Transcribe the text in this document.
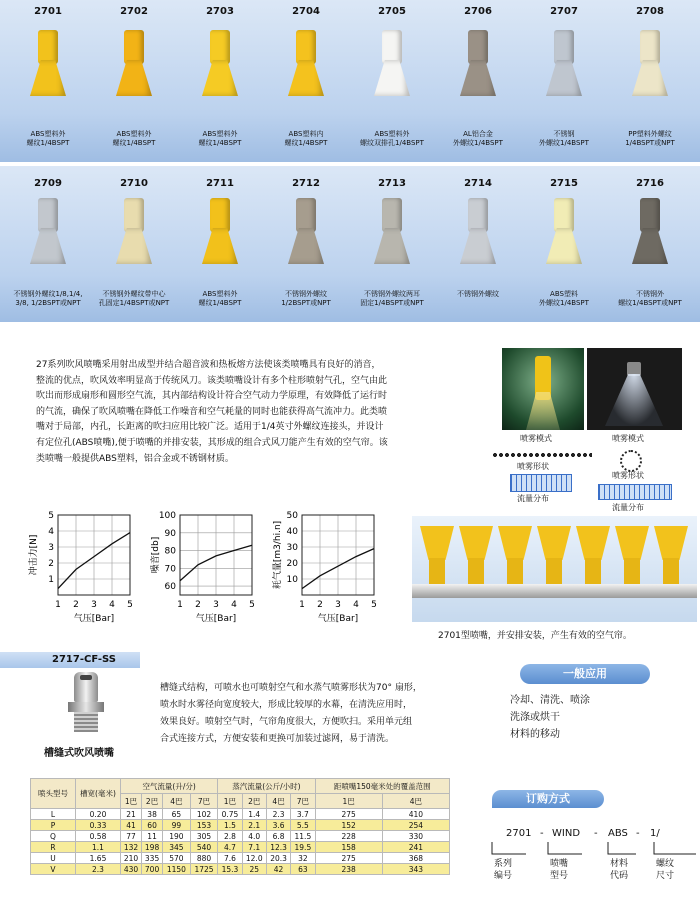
2701
ABS塑料外
螺纹1/4BSPT
2702
ABS塑料外
螺纹1/4BSPT
2703
ABS塑料外
螺纹1/4BSPT
2704
ABS塑料内
螺纹1/4BSPT
2705
ABS塑料外
螺纹双排孔1/4BSPT
2706
AL铝合金
外螺纹1/4BSPT
2707
不锈钢
外螺纹1/4BSPT
2708
PP塑料外螺纹
1/4BSPT或NPT
2709
不锈钢外螺纹1/8,1/4,
3/8, 1/2BSPT或NPT
2710
不锈钢外螺纹带中心
孔固定1/4BSPT或NPT
2711
ABS塑料外
螺纹1/4BSPT
2712
不锈钢外螺纹
1/2BSPT或NPT
2713
不锈钢外螺纹两耳
固定1/4BSPT或NPT
2714
不锈钢外螺纹
2715
ABS塑料
外螺纹1/4BSPT
2716
不锈钢外
螺纹1/4BSPT或NPT
27系列吹风喷嘴采用射出成型并结合超音波和热板熔方法使该类喷嘴具有良好的消音，
整流的优点，吹风效率明显高于传统风刀。该类喷嘴设计有多个柱形喷射气孔，空气由此
吹出而形成扇形和圆形空气流，其内部结构设计符合空气动力学原理，有效降低了运行时
的气流，确保了吹风喷嘴在降低工作噪音和空气耗量的同时也能获得高气流冲力。此类喷
嘴对于局部，内孔，长距离的吹扫应用比较广泛。适用于1/4英寸外螺纹连接头，并设计
有定位孔(ABS喷嘴),便于喷嘴的并排安装，其形成的组合式风刀能产生有效的空气帘。该
类喷嘴一般提供ABS塑料，铝合金或不锈钢材质。
喷雾模式	喷雾模式
喷雾形状
喷雾形状
流量分布
流量分布
1 2 3 4 5
1
2
3
4
5
气压[Bar]
冲击力[N]
1 2 3 4 5
60
70
80
90
100
气压[Bar]
噪音[db]
1 2 3 4 5
10
20
30
40
50
气压[Bar]
耗气量[m3/hi.n]
2701型喷嘴，并安排安装，产生有效的空气帘。
2717-CF-SS
槽缝式吹风喷嘴
槽缝式结构，可喷水也可喷射空气和水蒸气喷雾形状为70° 扇形，
喷水时水雾径向宽度较大，形成比较厚的水幕，在清洗应用时，
效果良好。喷射空气时，气帘角度很大，方便吹扫。采用单元组
合式连接方式，方便安装和更换可加装过滤网，易于清洗。
一般应用
冷却、清洗、喷涂
洗涤或烘干
材料的移动
喷头型号	槽宽(毫米)	空气流量(升/分)				蒸汽流量(公斤/小时)				距喷嘴150毫米处的覆盖范围	
		1巴	2巴	4巴	7巴	1巴	2巴	4巴	7巴	1巴	4巴
L	0.20	21	38	65	102	0.75	1.4	2.3	3.7	275	410
P	0.33	41	60	99	153	1.5	2.1	3.6	5.5	152	254
Q	0.58	77	11	190	305	2.8	4.0	6.8	11.5	228	330
R	1.1	132	198	345	540	4.7	7.1	12.3	19.5	158	241
U	1.65	210	335	570	880	7.6	12.0	20.3	32	275	368
V	2.3	430	700	1150	1725	15.3	25	42	63	238	343
订购方式
2701 - WIND - ABS - 1/
系列
编号
喷嘴
型号
材料
代码
螺纹
尺寸
